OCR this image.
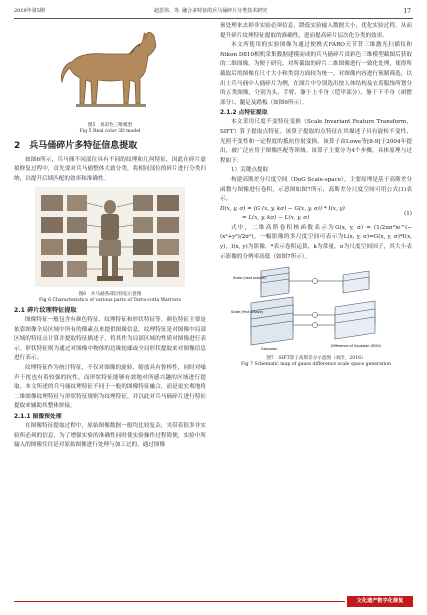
2019年第5期	赵思伟，等. 融合多特征的兵马俑碎片分类技术研究	17
图5　真彩色三维模型
Fig 5 Real color 3D model
2　兵马俑碎片多特征信息提取

如图6所示，兵马俑不同部位具有不同的纹理和几何特征，因此在碎片虚拟修复过程中，首先要对兵马俑整体大致分类，将相同部位的碎片进行分类归纳，以提升后续匹配的效率和准确性。

图6　兵马俑各部位特征示意图
Fig 6 Characteristics of various parts of Terra-cotta Warriors
2.1 碎片纹理特征提取

图像特征一般包含有颜色特征、纹理特征和形状特征等。颜色特征主要是依靠图像全局区域中所有的像素点来提供图像信息。纹理特征是对图像中局部区域的特征点计算并提取特征描述子，将其作为局部区域的性质对图像进行表示。形状特征则为通过对图像中物体的边缘轮廓或全局形状提取来对图像信息进行表示。

纹理特征作为统计特征，不仅对图像的旋转、缩放具有鲁棒性，同时对噪声干扰也有着较强的抗性，而形状特征能够有效地对所感兴趣的区域进行提取。本文所述的兵马俑纹理特征不同于一般的图像特征融合，而是更宏观地将二维图像纹理特征与形状特征规则为纹理特征，并以此对兵马俑碎片进行特征提取来辅助其整体拼接。

2.1.1 图像预处理

在图像特征提取过程中，原始图像数据一般均比较复杂，夹带着很多非实验所必须的信息，为了增强实验的准确性同时使实验操作过程简便，实验中所输入的图像往往是对原始图像进行处理与加工过的，通过图像

预处理来去掉非实验必须信息，降低实验输入数据大小，优化实验过程，从而提升碎片纹理特征提取的准确性，进而提高碎片层次化分类的效率。

本文所使用的实验图像为通过便携式FARO天节背三维激光扫描仪和Nikon D810相机采集数据建模而成的兵马俑碎片真彩色三维模型截图后获取的二维图像。为便于研究，对所截取的碎片二维图像进行一致化处理，使得所截取后的图像在尺寸大小和类别方面较为统一，对图像内容进行预制筛选，以出土兵马俑中人俑碎片为例，在图片中分别选出按人体结构及衣着服饰所划分的五类图像，分别为头、手臂、躯干上半身（铠甲部分）、躯干下半身（裙摆部分）、腿足及踏板（如图6所示）。

2.1.2 点特征提取

本文采用尺度不变特征变换（Scale Invariant Feature Transform，SIFT）算子提取点特征，该算子提取的点特征在其描述子具有旋转不变性、光照不变性和一定程度的抵抗仿射变换。该算子由Lowe等[8-9]于2004年提出，被广泛应用于图像匹配等领域。该算子主要分为4个步骤，具体原理与过程如下：

1）关键点提取

构建高斯差分尺度空间（DoG Scale-space），主要原理是基于高斯差分函数与图像进行卷积，示意图如图7所示，高斯差分尺度空间可用公式(1)表示。

D(x, y, σ) = (G (x, y, kσ) − G(x, y, σ)) * I(x, y)
= L(x, y, kσ) − L(x, y, σ)
(1)

式中，二维高斯卷积核函数表示为G(x, y, σ) = (1/2πσ²)e^(−(x²+y²)/2σ²)，一幅影像的多尺度空间可表示为L(x, y, σ)=G(x, y, σ)*I(x, y)，I(x, y)为影像，*表示卷积运算，k为常量，σ为尺度空间因子，其大小表示影像的分辨率高低（如图7所示）。

Scale (next octave)
Scale (first octave)
Gaussian
Difference of Gaussian (DOG)
图7　SIFT算子高斯差分示意图（刘洋，2016）
Fig 7 Schematic map of gauss difference scale space generation
文化遗产数字化修复
